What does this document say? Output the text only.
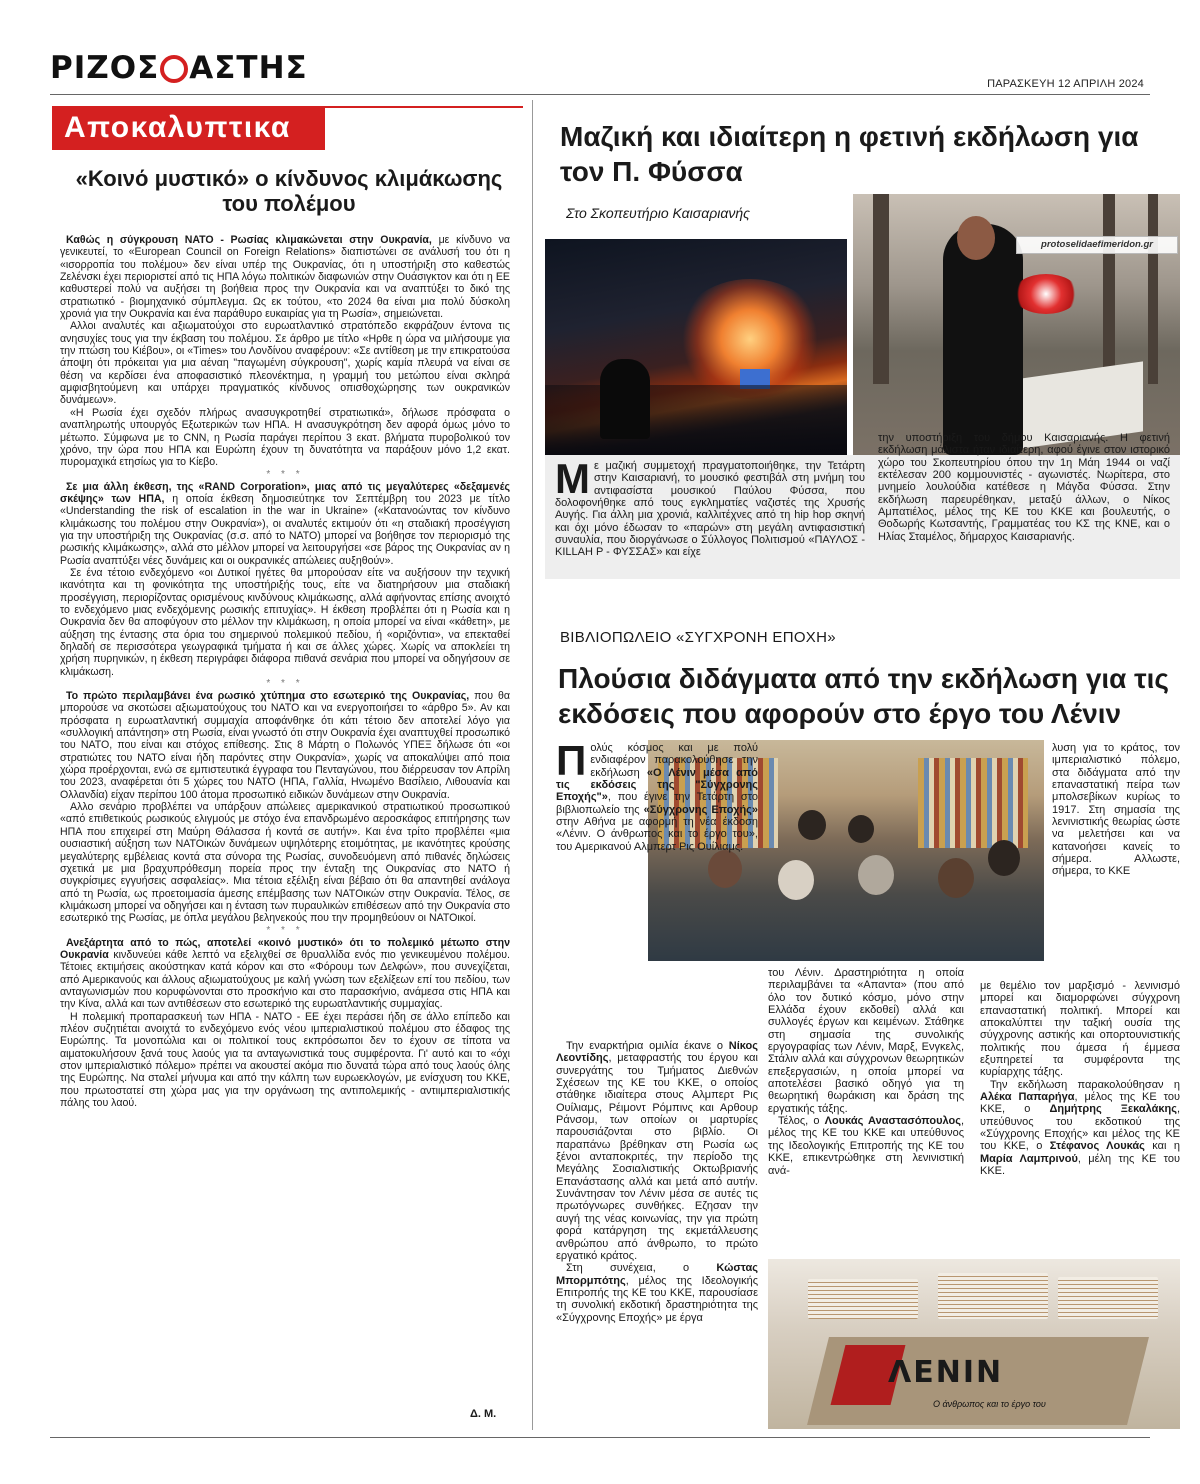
ΡΙΖΟΣ ΑΣΤΗΣ	ΠΑΡΑΣΚΕΥΗ 12 ΑΠΡΙΛΗ 2024
Αποκαλυπτικα
«Κοινό μυστικό» ο κίνδυνος κλιμάκωσης του πολέμου

Καθώς η σύγκρουση ΝΑΤΟ - Ρωσίας κλιμακώνεται στην Ουκρανία, με κίνδυνο να γενικευτεί, το «European Council on Foreign Relations» διαπιστώνει σε ανάλυσή του ότι η «ισορροπία του πολέμου» δεν είναι υπέρ της Ουκρανίας, ότι η υποστήριξη στο καθεστώς Ζελένσκι έχει περιοριστεί από τις ΗΠΑ λόγω πολιτικών διαφωνιών στην Ουάσιγκτον και ότι η ΕΕ καθυστερεί πολύ να αυξήσει τη βοήθεια προς την Ουκρανία και να αναπτύξει το δικό της στρατιωτικό - βιομηχανικό σύμπλεγμα. Ως εκ τούτου, «το 2024 θα είναι μια πολύ δύσκολη χρονιά για την Ουκρανία και ένα παράθυρο ευκαιρίας για τη Ρωσία», σημειώνεται.

Αλλοι αναλυτές και αξιωματούχοι στο ευρωατλαντικό στρατόπεδο εκφράζουν έντονα τις ανησυχίες τους για την έκβαση του πολέμου. Σε άρθρο με τίτλο «Ηρθε η ώρα να μιλήσουμε για την πτώση του Κιέβου», οι «Times» του Λονδίνου αναφέρουν: «Σε αντίθεση με την επικρατούσα άποψη ότι πρόκειται για μια αέναη "παγωμένη σύγκρουση", χωρίς καμία πλευρά να είναι σε θέση να κερδίσει ένα αποφασιστικό πλεονέκτημα, η γραμμή του μετώπου είναι σκληρά αμφισβητούμενη και υπάρχει πραγματικός κίνδυνος οπισθοχώρησης των ουκρανικών δυνάμεων».

«Η Ρωσία έχει σχεδόν πλήρως ανασυγκροτηθεί στρατιωτικά», δήλωσε πρόσφατα ο αναπληρωτής υπουργός Εξωτερικών των ΗΠΑ. Η ανασυγκρότηση δεν αφορά όμως μόνο το μέτωπο. Σύμφωνα με το CNN, η Ρωσία παράγει περίπου 3 εκατ. βλήματα πυροβολικού τον χρόνο, την ώρα που ΗΠΑ και Ευρώπη έχουν τη δυνατότητα να παράξουν μόνο 1,2 εκατ. πυρομαχικά ετησίως για το Κίεβο.

* * *

Σε μια άλλη έκθεση, της «RAND Corporation», μιας από τις μεγαλύτερες «δεξαμενές σκέψης» των ΗΠΑ, η οποία έκθεση δημοσιεύτηκε τον Σεπτέμβρη του 2023 με τίτλο «Understanding the risk of escalation in the war in Ukraine» («Κατανοώντας τον κίνδυνο κλιμάκωσης του πολέμου στην Ουκρανία»), οι αναλυτές εκτιμούν ότι «η σταδιακή προσέγγιση για την υποστήριξη της Ουκρανίας (σ.σ. από το ΝΑΤΟ) μπορεί να βοήθησε τον περιορισμό της ρωσικής κλιμάκωσης», αλλά στο μέλλον μπορεί να λειτουργήσει «σε βάρος της Ουκρανίας αν η Ρωσία αναπτύξει νέες δυνάμεις και οι ουκρανικές απώλειες αυξηθούν».

Σε ένα τέτοιο ενδεχόμενο «οι Δυτικοί ηγέτες θα μπορούσαν είτε να αυξήσουν την τεχνική ικανότητα και τη φονικότητα της υποστήριξής τους, είτε να διατηρήσουν μια σταδιακή προσέγγιση, περιορίζοντας ορισμένους κινδύνους κλιμάκωσης, αλλά αφήνοντας επίσης ανοιχτό το ενδεχόμενο μιας ενδεχόμενης ρωσικής επιτυχίας». Η έκθεση προβλέπει ότι η Ρωσία και η Ουκρανία δεν θα αποφύγουν στο μέλλον την κλιμάκωση, η οποία μπορεί να είναι «κάθετη», με αύξηση της έντασης στα όρια του σημερινού πολεμικού πεδίου, ή «οριζόντια», να επεκταθεί δηλαδή σε περισσότερα γεωγραφικά τμήματα ή και σε άλλες χώρες. Χωρίς να αποκλείει τη χρήση πυρηνικών, η έκθεση περιγράφει διάφορα πιθανά σενάρια που μπορεί να οδηγήσουν σε κλιμάκωση.

* * *

Το πρώτο περιλαμβάνει ένα ρωσικό χτύπημα στο εσωτερικό της Ουκρανίας, που θα μπορούσε να σκοτώσει αξιωματούχους του ΝΑΤΟ και να ενεργοποιήσει το «άρθρο 5». Αν και πρόσφατα η ευρωατλαντική συμμαχία αποφάνθηκε ότι κάτι τέτοιο δεν αποτελεί λόγο για «συλλογική απάντηση» στη Ρωσία, είναι γνωστό ότι στην Ουκρανία έχει αναπτυχθεί προσωπικό του ΝΑΤΟ, που είναι και στόχος επίθεσης. Στις 8 Μάρτη ο Πολωνός ΥΠΕΞ δήλωσε ότι «οι στρατιώτες του ΝΑΤΟ είναι ήδη παρόντες στην Ουκρανία», χωρίς να αποκαλύψει από ποια χώρα προέρχονται, ενώ σε εμπιστευτικά έγγραφα του Πενταγώνου, που διέρρευσαν τον Απρίλη του 2023, αναφέρεται ότι 5 χώρες του ΝΑΤΟ (ΗΠΑ, Γαλλία, Ηνωμένο Βασίλειο, Λιθουανία και Ολλανδία) είχαν περίπου 100 άτομα προσωπικό ειδικών δυνάμεων στην Ουκρανία.

Αλλο σενάριο προβλέπει να υπάρξουν απώλειες αμερικανικού στρατιωτικού προσωπικού «από επιθετικούς ρωσικούς ελιγμούς με στόχο ένα επανδρωμένο αεροσκάφος επιτήρησης των ΗΠΑ που επιχειρεί στη Μαύρη Θάλασσα ή κοντά σε αυτήν». Και ένα τρίτο προβλέπει «μια ουσιαστική αύξηση των ΝΑΤΟικών δυνάμεων υψηλότερης ετοιμότητας, με ικανότητες κρούσης μεγαλύτερης εμβέλειας κοντά στα σύνορα της Ρωσίας, συνοδευόμενη από πιθανές δηλώσεις σχετικά με μια βραχυπρόθεσμη πορεία προς την ένταξη της Ουκρανίας στο ΝΑΤΟ ή συγκρίσιμες εγγυήσεις ασφαλείας». Μια τέτοια εξέλιξη είναι βέβαιο ότι θα απαντηθεί ανάλογα από τη Ρωσία, ως προετοιμασία άμεσης επέμβασης των ΝΑΤΟικών στην Ουκρανία. Τέλος, σε κλιμάκωση μπορεί να οδηγήσει και η ένταση των πυραυλικών επιθέσεων από την Ουκρανία στο εσωτερικό της Ρωσίας, με όπλα μεγάλου βεληνεκούς που την προμηθεύουν οι ΝΑΤΟικοί.

* * *

Ανεξάρτητα από το πώς, αποτελεί «κοινό μυστικό» ότι το πολεμικό μέτωπο στην Ουκρανία κινδυνεύει κάθε λεπτό να εξελιχθεί σε θρυαλλίδα ενός πιο γενικευμένου πολέμου. Τέτοιες εκτιμήσεις ακούστηκαν κατά κόρον και στο «Φόρουμ των Δελφών», που συνεχίζεται, από Αμερικανούς και άλλους αξιωματούχους με καλή γνώση των εξελίξεων επί του πεδίου, των ανταγωνισμών που κορυφώνονται στο προσκήνιο και στο παρασκήνιο, ανάμεσα στις ΗΠΑ και την Κίνα, αλλά και των αντιθέσεων στο εσωτερικό της ευρωατλαντικής συμμαχίας.

Η πολεμική προπαρασκευή των ΗΠΑ - ΝΑΤΟ - ΕΕ έχει περάσει ήδη σε άλλο επίπεδο και πλέον συζητιέται ανοιχτά το ενδεχόμενο ενός νέου ιμπεριαλιστικού πολέμου στο έδαφος της Ευρώπης. Τα μονοπώλια και οι πολιτικοί τους εκπρόσωποι δεν το έχουν σε τίποτα να αιματοκυλήσουν ξανά τους λαούς για τα ανταγωνιστικά τους συμφέροντα. Γι' αυτό και το «όχι στον ιμπεριαλιστικό πόλεμο» πρέπει να ακουστεί ακόμα πιο δυνατά τώρα από τους λαούς όλης της Ευρώπης. Να σταλεί μήνυμα και από την κάλπη των ευρωεκλογών, με ενίσχυση του ΚΚΕ, που πρωτοστατεί στη χώρα μας για την οργάνωση της αντιπολεμικής - αντιιμπεριαλιστικής πάλης του λαού.

Δ. Μ.
Μαζική και ιδιαίτερη η φετινή εκδήλωση για τον Π. Φύσσα
Στο Σκοπευτήριο Καισαριανής
protoselidaefimeridon.gr
Με μαζική συμμετοχή πραγματοποιήθηκε, την Τετάρτη στην Καισαριανή, το μουσικό φεστιβάλ στη μνήμη του αντιφασίστα μουσικού Παύλου Φύσσα, που δολοφονήθηκε από τους εγκληματίες ναζιστές της Χρυσής Αυγής. Για άλλη μια χρονιά, καλλιτέχνες από τη hip hop σκηνή και όχι μόνο έδωσαν το «παρών» στη μεγάλη αντιφασιστική συναυλία, που διοργάνωσε ο Σύλλογος Πολιτισμού «ΠΑΥΛΟΣ - KILLAH P - ΦΥΣΣΑΣ» και είχε
την υποστήριξη του δήμου Καισαριανής. Η φετινή εκδήλωση μάλιστα ήταν ιδιαίτερη, αφού έγινε στον ιστορικό χώρο του Σκοπευτηρίου όπου την 1η Μάη 1944 οι ναζί εκτέλεσαν 200 κομμουνιστές - αγωνιστές. Νωρίτερα, στο μνημείο λουλούδια κατέθεσε η Μάγδα Φύσσα. Στην εκδήλωση παρευρέθηκαν, μεταξύ άλλων, ο Νίκος Αμπατιέλος, μέλος της ΚΕ του ΚΚΕ και βουλευτής, ο Θοδωρής Κωτσαντής, Γραμματέας του ΚΣ της ΚΝΕ, και ο Ηλίας Σταμέλος, δήμαρχος Καισαριανής.
ΒΙΒΛΙΟΠΩΛΕΙΟ «ΣΥΓΧΡΟΝΗ ΕΠΟΧΗ»
Πλούσια διδάγματα από την εκδήλωση για τις εκδόσεις που αφορούν στο έργο του Λένιν
Πολύς κόσμος και με πολύ ενδιαφέρον παρακολούθησε την εκδήλωση «Ο Λένιν μέσα από τις εκδόσεις της "Σύγχρονης Εποχής"», που έγινε την Τετάρτη στο βιβλιοπωλείο της «Σύγχρονης Εποχής» στην Αθήνα με αφορμή τη νέα έκδοση «Λένιν. Ο άνθρωπος και το έργο του», του Αμερικανού Αλμπερτ Ρις Ουίλιαμς.

Την εναρκτήρια ομιλία έκανε ο Νίκος Λεοντίδης, μεταφραστής του έργου και συνεργάτης του Τμήματος Διεθνών Σχέσεων της ΚΕ του ΚΚΕ, ο οποίος στάθηκε ιδιαίτερα στους Αλμπερτ Ρις Ουίλιαμς, Ρέιμοντ Ρόμπινς και Αρθουρ Ράνσομ, των οποίων οι μαρτυρίες παρουσιάζονται στο βιβλίο. Οι παραπάνω βρέθηκαν στη Ρωσία ως ξένοι ανταποκριτές, την περίοδο της Μεγάλης Σοσιαλιστικής Οκτωβριανής Επανάστασης αλλά και μετά από αυτήν. Συνάντησαν τον Λένιν μέσα σε αυτές τις πρωτόγνωρες συνθήκες. Εζησαν την αυγή της νέας κοινωνίας, την για πρώτη φορά κατάργηση της εκμετάλλευσης ανθρώπου από άνθρωπο, το πρώτο εργατικό κράτος.

Στη συνέχεια, ο Κώστας Μπορμπότης, μέλος της Ιδεολογικής Επιτροπής της ΚΕ του ΚΚΕ, παρουσίασε τη συνολική εκδοτική δραστηριότητα της «Σύγχρονης Εποχής» με έργα

του Λένιν. Δραστηριότητα η οποία περιλαμβάνει τα «Απαντα» (που από όλο τον δυτικό κόσμο, μόνο στην Ελλάδα έχουν εκδοθεί) αλλά και συλλογές έργων και κειμένων. Στάθηκε στη σημασία της συνολικής εργογραφίας των Λένιν, Μαρξ, Ενγκελς, Στάλιν αλλά και σύγχρονων θεωρητικών επεξεργασιών, η οποία μπορεί να αποτελέσει βασικό οδηγό για τη θεωρητική θωράκιση και δράση της εργατικής τάξης.

Τέλος, ο Λουκάς Αναστασόπουλος, μέλος της ΚΕ του ΚΚΕ και υπεύθυνος της Ιδεολογικής Επιτροπής της ΚΕ του ΚΚΕ, επικεντρώθηκε στη λενινιστική ανά-

λυση για το κράτος, τον ιμπεριαλιστικό πόλεμο, στα διδάγματα από την επαναστατική πείρα των μπολσεβίκων κυρίως το 1917. Στη σημασία της λενινιστικής θεωρίας ώστε να μελετήσει και να κατανοήσει κανείς το σήμερα. Αλλωστε, σήμερα, το ΚΚΕ

με θεμέλιο τον μαρξισμό - λενινισμό μπορεί και διαμορφώνει σύγχρονη επαναστατική πολιτική. Μπορεί και αποκαλύπτει την ταξική ουσία της σύγχρονης αστικής και οπορτουνιστικής πολιτικής που άμεσα ή έμμεσα εξυπηρετεί τα συμφέροντα της κυρίαρχης τάξης.

Την εκδήλωση παρακολούθησαν η Αλέκα Παπαρήγα, μέλος της ΚΕ του ΚΚΕ, ο Δημήτρης Ξεκαλάκης, υπεύθυνος του εκδοτικού της «Σύγχρονης Εποχής» και μέλος της ΚΕ του ΚΚΕ, ο Στέφανος Λουκάς και η Μαρία Λαμπρινού, μέλη της ΚΕ του ΚΚΕ.

ΛΕΝΙΝ
Ο άνθρωπος και το έργο του
